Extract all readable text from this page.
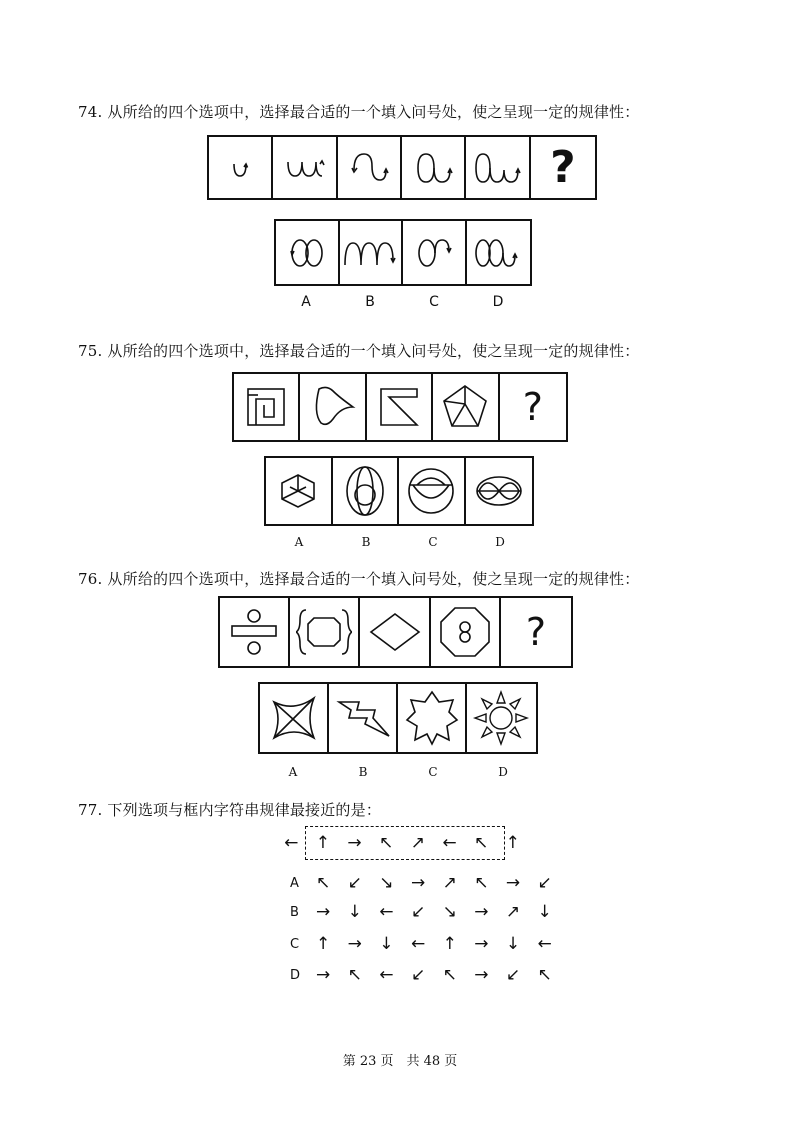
74. 从所给的四个选项中，选择最合适的一个填入问号处，使之呈现一定的规律性：
?
A	B	C	D
75. 从所给的四个选项中，选择最合适的一个填入问号处，使之呈现一定的规律性：
?
A	B	C	D
76. 从所给的四个选项中，选择最合适的一个填入问号处，使之呈现一定的规律性：
?
A	B	C	D
77. 下列选项与框内字符串规律最接近的是：
← ↑ → ↖ ↗ ← ↖ ↑
A	↖ ↙ ↘ → ↗ ↖ → ↙
B	→ ↓ ← ↙ ↘ → ↗ ↓
C ↑ → ↓ ← ↑ → ↓ ←
D → ↖ ← ↙ ↖ → ↙ ↖
第 23 页　共 48 页
